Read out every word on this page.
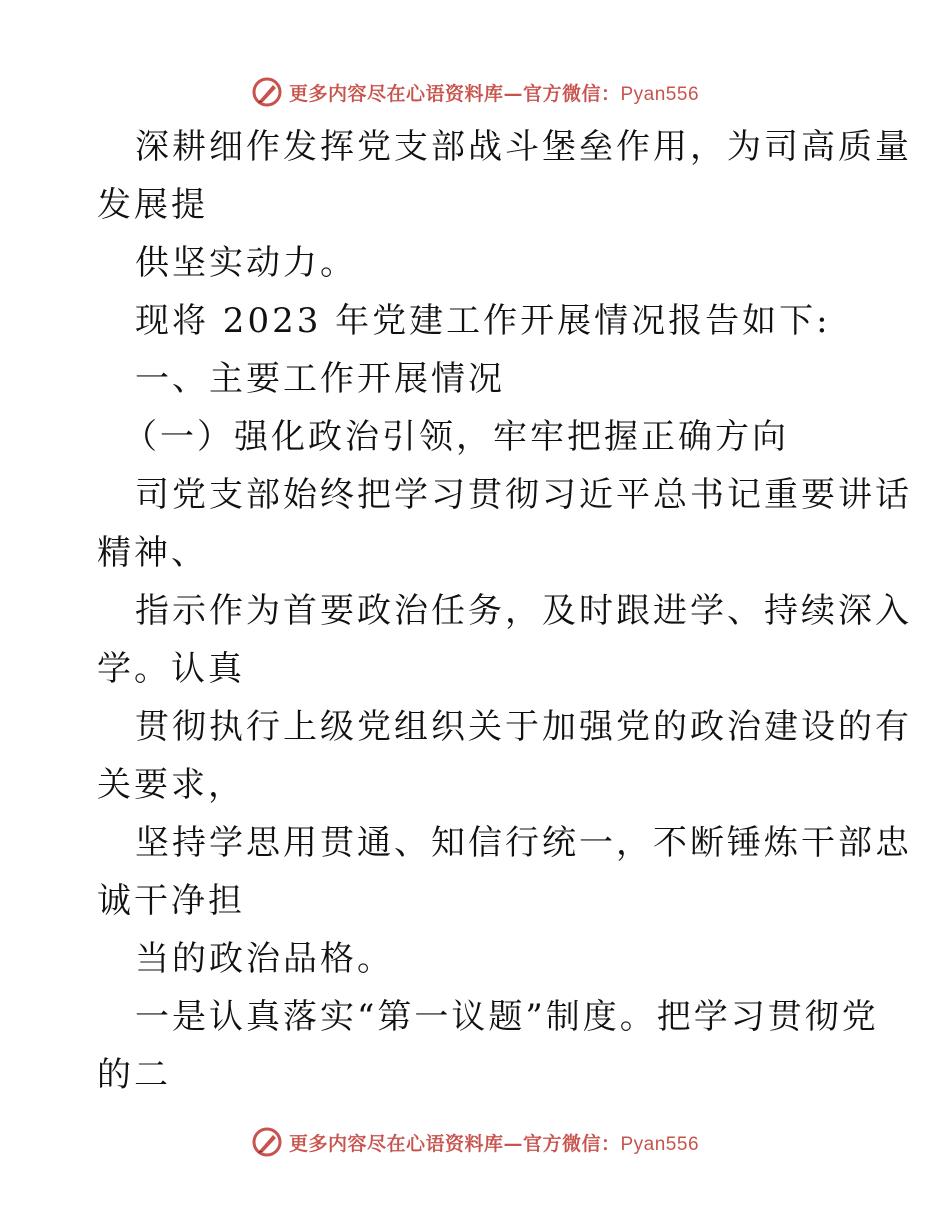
更多内容尽在心语资料库—官方微信：Pyan556
深耕细作发挥党支部战斗堡垒作用，为司高质量
发展提
供坚实动力。
现将 2023 年党建工作开展情况报告如下:
一、主要工作开展情况
（一）强化政治引领，牢牢把握正确方向
司党支部始终把学习贯彻习近平总书记重要讲话
精神、
指示作为首要政治任务，及时跟进学、持续深入
学。认真
贯彻执行上级党组织关于加强党的政治建设的有
关要求，
坚持学思用贯通、知信行统一，不断锤炼干部忠
诚干净担
当的政治品格。
一是认真落实“第一议题”制度。把学习贯彻党
的二
更多内容尽在心语资料库—官方微信：Pyan556
